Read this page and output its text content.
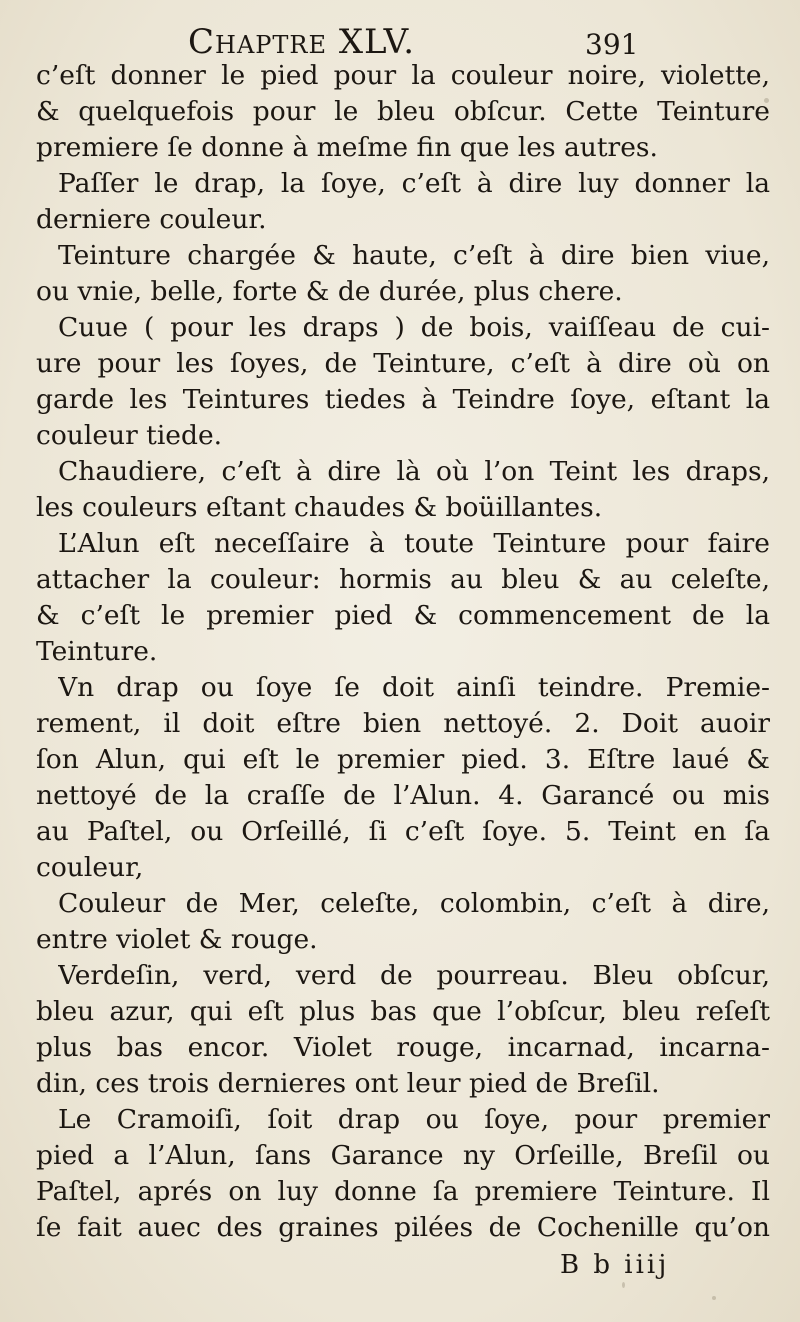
Chaptre XLV.	391
c’eſt donner le pied pour la couleur noire, violette,
& quelquefois pour le bleu obſcur. Cette Teinture
premiere ſe donne à meſme fin que les autres.
Paſſer le drap, la ſoye, c’eſt à dire luy donner la
derniere couleur.
Teinture chargée & haute, c’eſt à dire bien viue,
ou vnie, belle, forte & de durée, plus chere.
Cuue ( pour les draps ) de bois, vaiſſeau de cui-
ure pour les ſoyes, de Teinture, c’eſt à dire où on
garde les Teintures tiedes à Teindre ſoye, eſtant la
couleur tiede.
Chaudiere, c’eſt à dire là où l’on Teint les draps,
les couleurs eſtant chaudes & boüillantes.
L’Alun eſt neceſſaire à toute Teinture pour faire
attacher la couleur: hormis au bleu & au celeſte,
& c’eſt le premier pied & commencement de la
Teinture.
Vn drap ou ſoye ſe doit ainſi teindre. Premie-
rement, il doit eſtre bien nettoyé. 2. Doit auoir
ſon Alun, qui eſt le premier pied. 3. Eſtre laué &
nettoyé de la craſſe de l’Alun. 4. Garancé ou mis
au Paſtel, ou Orſeillé, ſi c’eſt ſoye. 5. Teint en ſa
couleur,
Couleur de Mer, celeſte, colombin, c’eſt à dire,
entre violet & rouge.
Verdeſin, verd, verd de pourreau. Bleu obſcur,
bleu azur, qui eſt plus bas que l’obſcur, bleu reſeſt
plus bas encor. Violet rouge, incarnad, incarna-
din, ces trois dernieres ont leur pied de Breſil.
Le Cramoiſi, ſoit drap ou ſoye, pour premier
pied a l’Alun, ſans Garance ny Orſeille, Breſil ou
Paſtel, aprés on luy donne ſa premiere Teinture. Il
ſe fait auec des graines pilées de Cochenille qu’on
B b iiij
